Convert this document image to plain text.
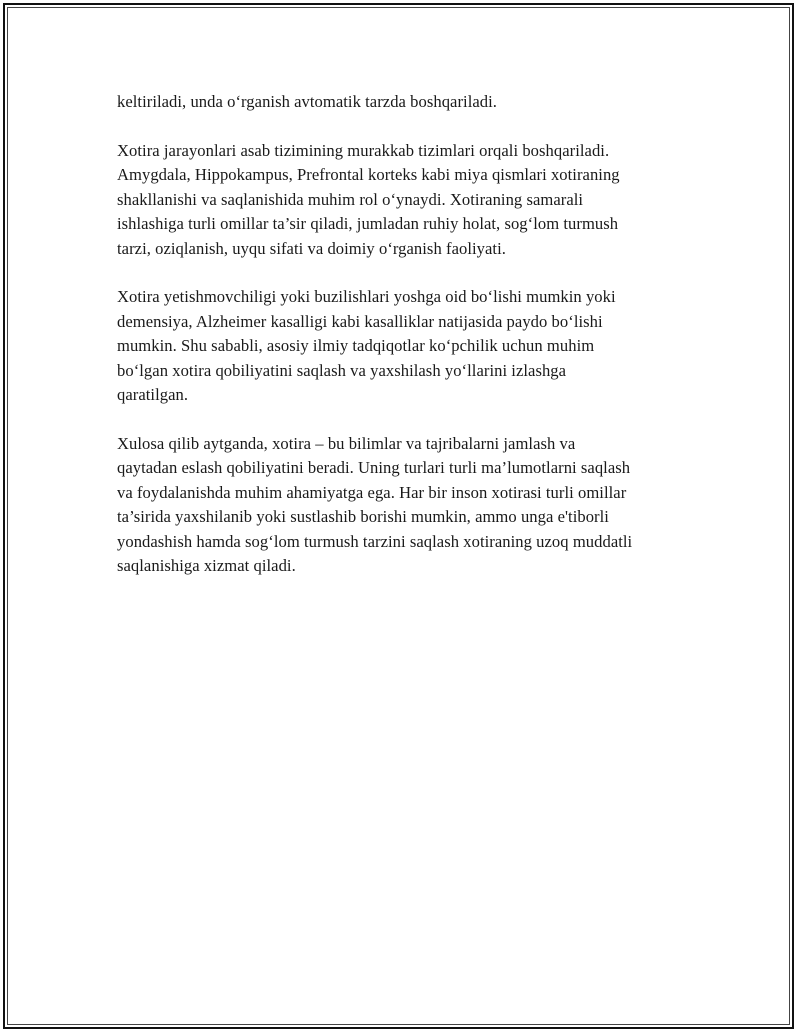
keltiriladi, unda o‘rganish avtomatik tarzda boshqariladi.

Xotira jarayonlari asab tizimining murakkab tizimlari orqali boshqariladi.
Amygdala, Hippokampus, Prefrontal korteks kabi miya qismlari xotiraning
shakllanishi va saqlanishida muhim rol o‘ynaydi. Xotiraning samarali
ishlashiga turli omillar ta’sir qiladi, jumladan ruhiy holat, sog‘lom turmush
tarzi, oziqlanish, uyqu sifati va doimiy o‘rganish faoliyati.

Xotira yetishmovchiligi yoki buzilishlari yoshga oid bo‘lishi mumkin yoki
demensiya, Alzheimer kasalligi kabi kasalliklar natijasida paydo bo‘lishi
mumkin. Shu sababli, asosiy ilmiy tadqiqotlar ko‘pchilik uchun muhim
bo‘lgan xotira qobiliyatini saqlash va yaxshilash yo‘llarini izlashga
qaratilgan.

Xulosa qilib aytganda, xotira – bu bilimlar va tajribalarni jamlash va
qaytadan eslash qobiliyatini beradi. Uning turlari turli ma’lumotlarni saqlash
va foydalanishda muhim ahamiyatga ega. Har bir inson xotirasi turli omillar
ta’sirida yaxshilanib yoki sustlashib borishi mumkin, ammo unga e'tiborli
yondashish hamda sog‘lom turmush tarzini saqlash xotiraning uzoq muddatli
saqlanishiga xizmat qiladi.
